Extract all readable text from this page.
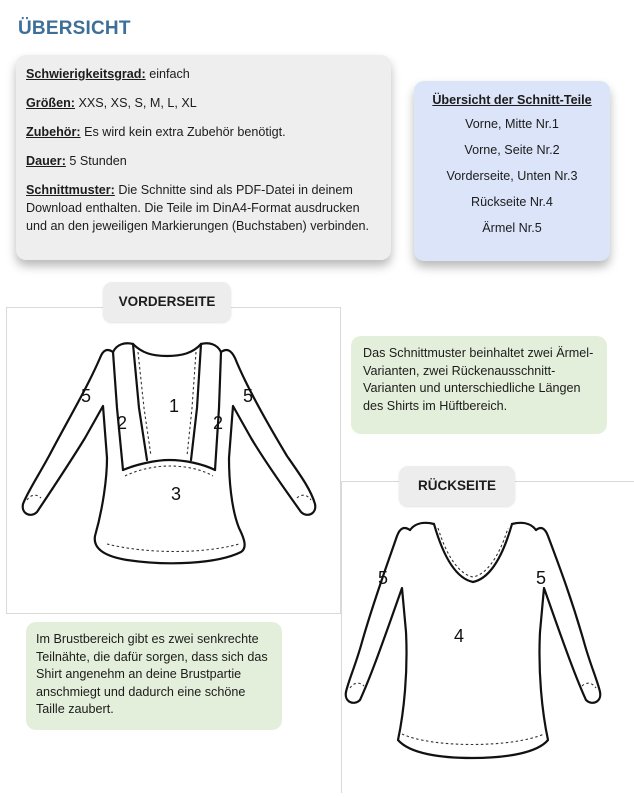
ÜBERSICHT

Schwierigkeitsgrad: einfach

Größen: XXS, XS, S, M, L, XL

Zubehör: Es wird kein extra Zubehör benötigt.

Dauer: 5 Stunden

Schnittmuster: Die Schnitte sind als PDF-Datei in deinem Download enthalten. Die Teile im DinA4-Format ausdrucken und an den jeweiligen Markierungen (Buchstaben) verbinden.

Übersicht der Schnitt-Teile
Vorne, Mitte Nr.1
Vorne, Seite Nr.2
Vorderseite, Unten Nr.3
Rückseite Nr.4
Ärmel Nr.5
5
2
1
2
5
3
VORDERSEITE
Das Schnittmuster beinhaltet zwei Ärmel-Varianten, zwei Rückenausschnitt-Varianten und unterschiedliche Längen des Shirts im Hüftbereich.
5	5
4
RÜCKSEITE
Im Brustbereich gibt es zwei senkrechte Teilnähte, die dafür sorgen, dass sich das Shirt angenehm an deine Brustpartie anschmiegt und dadurch eine schöne Taille zaubert.
